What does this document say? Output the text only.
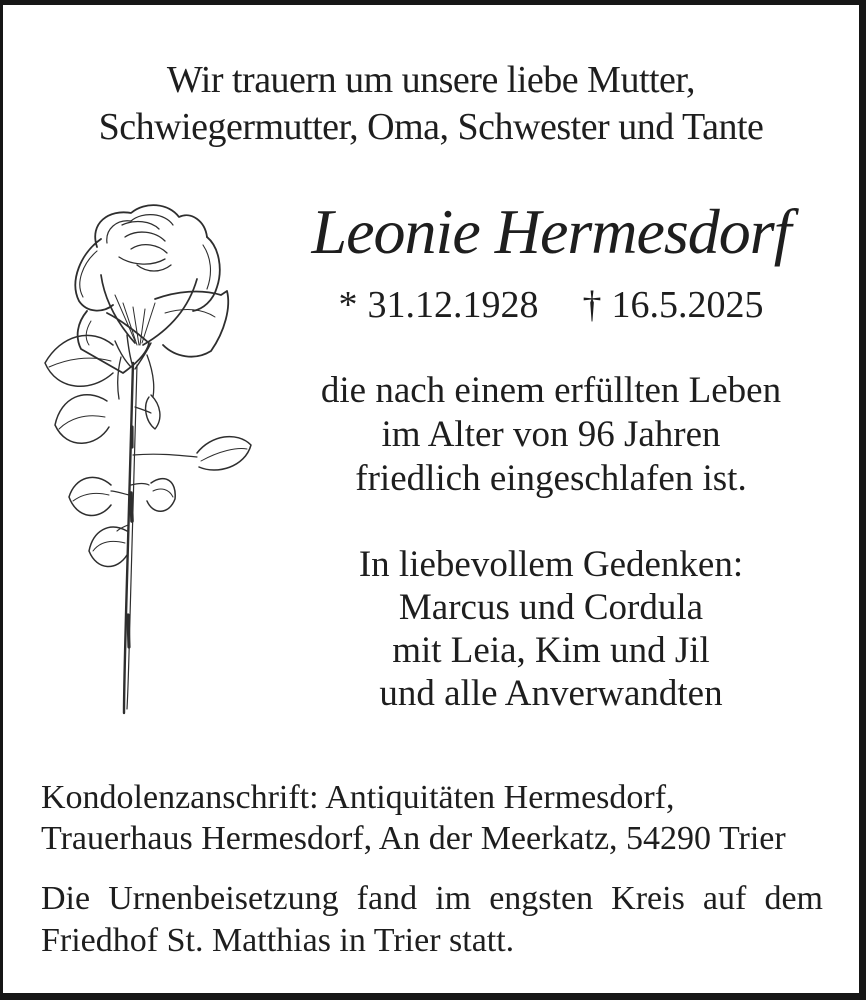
Wir trauern um unsere liebe Mutter,
Schwiegermutter, Oma, Schwester und Tante
Leonie Hermesdorf
* 31.12.1928 † 16.5.2025
die nach einem erfüllten Leben
im Alter von 96 Jahren
friedlich eingeschlafen ist.
In liebevollem Gedenken:
Marcus und Cordula
mit Leia, Kim und Jil
und alle Anverwandten
Kondolenzanschrift: Antiquitäten Hermesdorf,
Trauerhaus Hermesdorf, An der Meerkatz, 54290 Trier
Die Urnenbeisetzung fand im engsten Kreis auf dem
Friedhof St. Matthias in Trier statt.
